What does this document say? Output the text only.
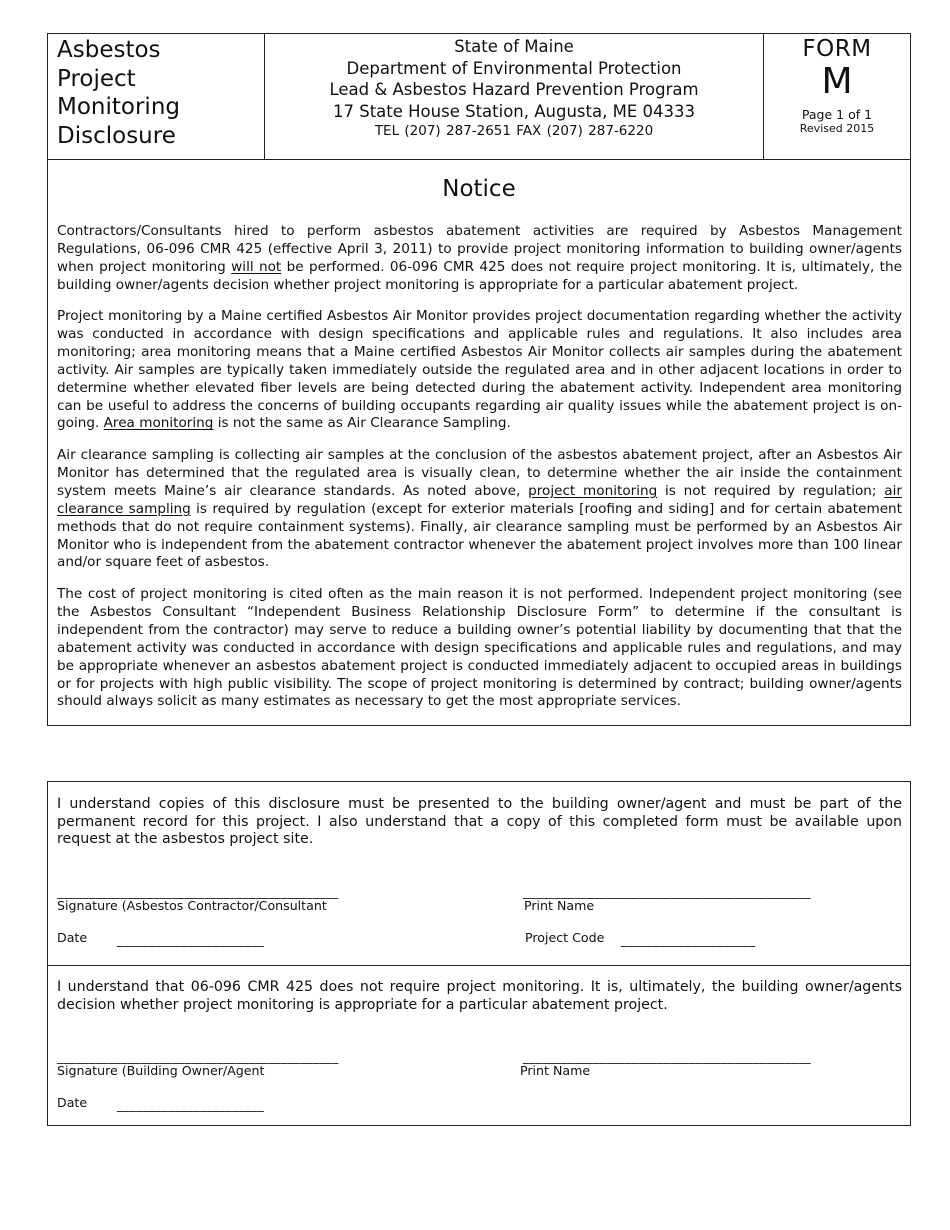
Asbestos
Project
Monitoring
Disclosure
State of Maine
Department of Environmental Protection
Lead & Asbestos Hazard Prevention Program
17 State House Station, Augusta, ME 04333
TEL (207) 287-2651 FAX (207) 287-6220
FORM
M
Page 1 of 1
Revised 2015
Notice

Contractors/Consultants hired to perform asbestos abatement activities are required by Asbestos Management Regulations, 06-096 CMR 425 (effective April 3, 2011) to provide project monitoring information to building owner/agents when project monitoring will not be performed. 06-096 CMR 425 does not require project monitoring. It is, ultimately, the building owner/agents decision whether project monitoring is appropriate for a particular abatement project.

Project monitoring by a Maine certified Asbestos Air Monitor provides project documentation regarding whether the activity was conducted in accordance with design specifications and applicable rules and regulations. It also includes area monitoring; area monitoring means that a Maine certified Asbestos Air Monitor collects air samples during the abatement activity. Air samples are typically taken immediately outside the regulated area and in other adjacent locations in order to determine whether elevated fiber levels are being detected during the abatement activity. Independent area monitoring can be useful to address the concerns of building occupants regarding air quality issues while the abatement project is on-going. Area monitoring is not the same as Air Clearance Sampling.

Air clearance sampling is collecting air samples at the conclusion of the asbestos abatement project, after an Asbestos Air Monitor has determined that the regulated area is visually clean, to determine whether the air inside the containment system meets Maine’s air clearance standards. As noted above, project monitoring is not required by regulation; air clearance sampling is required by regulation (except for exterior materials [roofing and siding] and for certain abatement methods that do not require containment systems). Finally, air clearance sampling must be performed by an Asbestos Air Monitor who is independent from the abatement contractor whenever the abatement project involves more than 100 linear and/or square feet of asbestos.

The cost of project monitoring is cited often as the main reason it is not performed. Independent project monitoring (see the Asbestos Consultant “Independent Business Relationship Disclosure Form” to determine if the consultant is independent from the contractor) may serve to reduce a building owner’s potential liability by documenting that that the abatement activity was conducted in accordance with design specifications and applicable rules and regulations, and may be appropriate whenever an asbestos abatement project is conducted immediately adjacent to occupied areas in buildings or for projects with high public visibility. The scope of project monitoring is determined by contract; building owner/agents should always solicit as many estimates as necessary to get the most appropriate services.

I understand copies of this disclosure must be presented to the building owner/agent and must be part of the permanent record for this project. I also understand that a copy of this completed form must be available upon request at the asbestos project site.

____________________________________________
Signature (Asbestos Contractor/Consultant
_____________________________________________
Print Name
Date _______________________	Project Code _____________________

I understand that 06-096 CMR 425 does not require project monitoring. It is, ultimately, the building owner/agents decision whether project monitoring is appropriate for a particular abatement project.

____________________________________________
Signature (Building Owner/Agent
_____________________________________________
Print Name
Date _______________________
